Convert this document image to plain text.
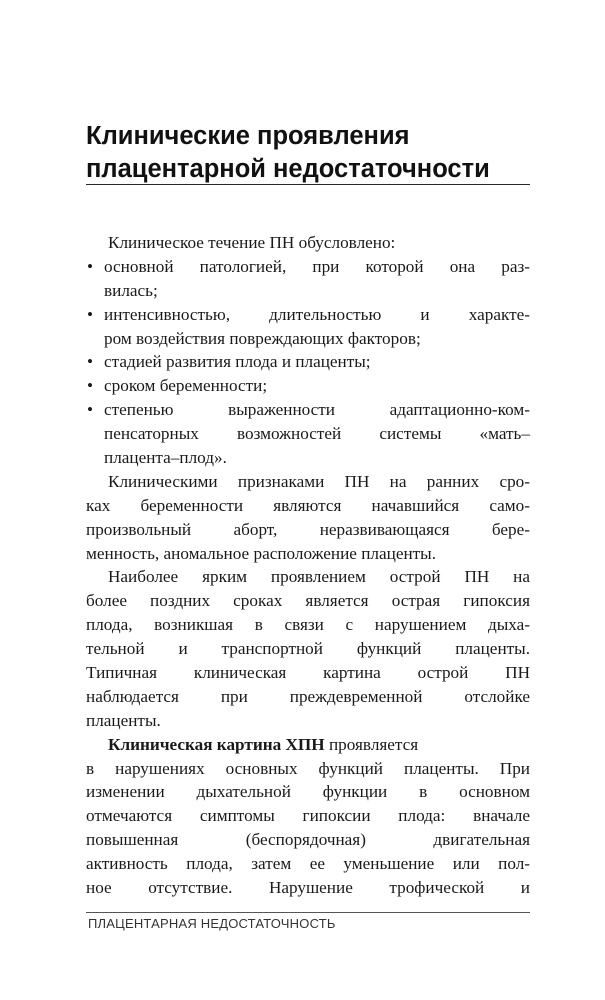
Клинические проявления
плацентарной недостаточности
Клиническое течение ПН обусловлено:
• основной патологией, при которой она раз-
вилась;
• интенсивностью, длительностью и характе-
ром воздействия повреждающих факторов;
• стадией развития плода и плаценты;
• сроком беременности;
• степенью выраженности адаптационно-ком-
пенсаторных возможностей системы «мать–
плацента–плод».
Клиническими признаками ПН на ранних сро-
ках беременности являются начавшийся само-
произвольный аборт, неразвивающаяся бере-
менность, аномальное расположение плаценты.
Наиболее ярким проявлением острой ПН на
более поздних сроках является острая гипоксия
плода, возникшая в связи с нарушением дыха-
тельной и транспортной функций плаценты.
Типичная клиническая картина острой ПН
наблюдается при преждевременной отслойке
плаценты.
Клиническая картина ХПН проявляется
в нарушениях основных функций плаценты. При
изменении дыхательной функции в основном
отмечаются симптомы гипоксии плода: вначале
повышенная (беспорядочная) двигательная
активность плода, затем ее уменьшение или пол-
ное отсутствие. Нарушение трофической и
ПЛАЦЕНТАРНАЯ НЕДОСТАТОЧНОСТЬ
